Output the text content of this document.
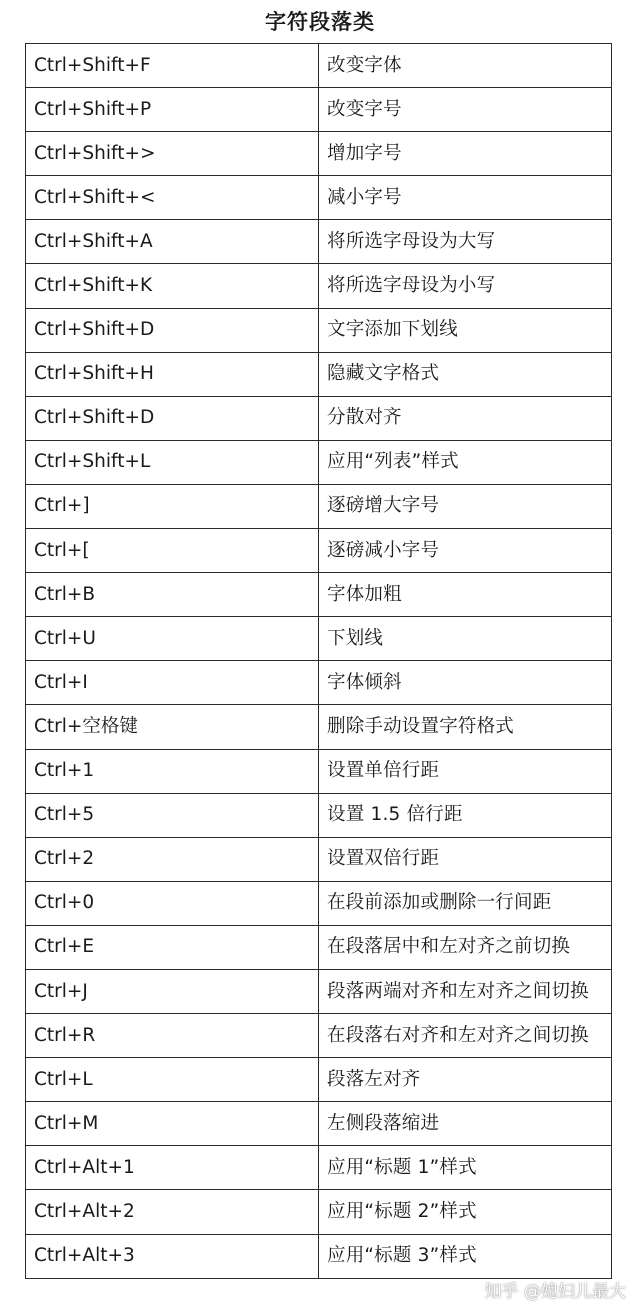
字符段落类
Ctrl+Shift+F	改变字体
Ctrl+Shift+P	改变字号
Ctrl+Shift+>	增加字号
Ctrl+Shift+<	减小字号
Ctrl+Shift+A	将所选字母设为大写
Ctrl+Shift+K	将所选字母设为小写
Ctrl+Shift+D	文字添加下划线
Ctrl+Shift+H	隐藏文字格式
Ctrl+Shift+D	分散对齐
Ctrl+Shift+L	应用“列表”样式
Ctrl+]	逐磅增大字号
Ctrl+[	逐磅减小字号
Ctrl+B	字体加粗
Ctrl+U	下划线
Ctrl+I	字体倾斜
Ctrl+空格键	删除手动设置字符格式
Ctrl+1	设置单倍行距
Ctrl+5	设置 1.5 倍行距
Ctrl+2	设置双倍行距
Ctrl+0	在段前添加或删除一行间距
Ctrl+E	在段落居中和左对齐之前切换
Ctrl+J	段落两端对齐和左对齐之间切换
Ctrl+R	在段落右对齐和左对齐之间切换
Ctrl+L	段落左对齐
Ctrl+M	左侧段落缩进
Ctrl+Alt+1	应用“标题 1”样式
Ctrl+Alt+2	应用“标题 2”样式
Ctrl+Alt+3	应用“标题 3”样式
知乎 @媳妇儿最大
